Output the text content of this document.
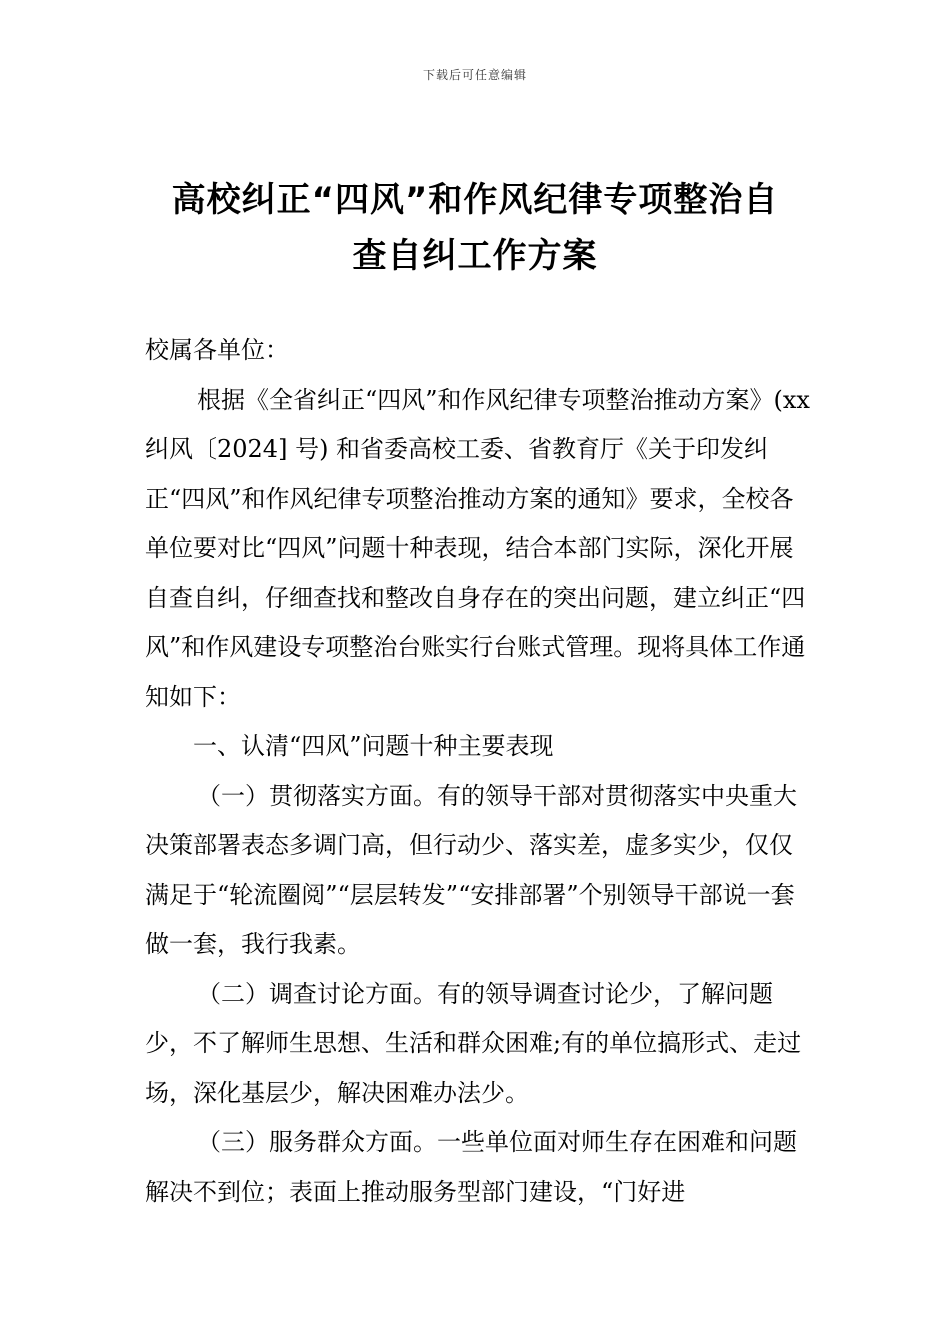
下载后可任意编辑
高校纠正“四风”和作风纪律专项整治自
查自纠工作方案

校属各单位：

根据《全省纠正“四风”和作风纪律专项整治推动方案》(xx纠风〔2024] 号) 和省委高校工委、省教育厅《关于印发纠正“四风”和作风纪律专项整治推动方案的通知》要求，全校各单位要对比“四风”问题十种表现，结合本部门实际，深化开展自查自纠，仔细查找和整改自身存在的突出问题，建立纠正“四风”和作风建设专项整治台账实行台账式管理。现将具体工作通知如下：

一、认清“四风”问题十种主要表现

（一）贯彻落实方面。有的领导干部对贯彻落实中央重大决策部署表态多调门高，但行动少、落实差，虚多实少，仅仅满足于“轮流圈阅”“层层转发”“安排部署”个别领导干部说一套做一套，我行我素。

（二）调查讨论方面。有的领导调查讨论少，了解问题少，不了解师生思想、生活和群众困难;有的单位搞形式、走过场，深化基层少，解决困难办法少。

（三）服务群众方面。一些单位面对师生存在困难和问题解决不到位；表面上推动服务型部门建设，“门好进
